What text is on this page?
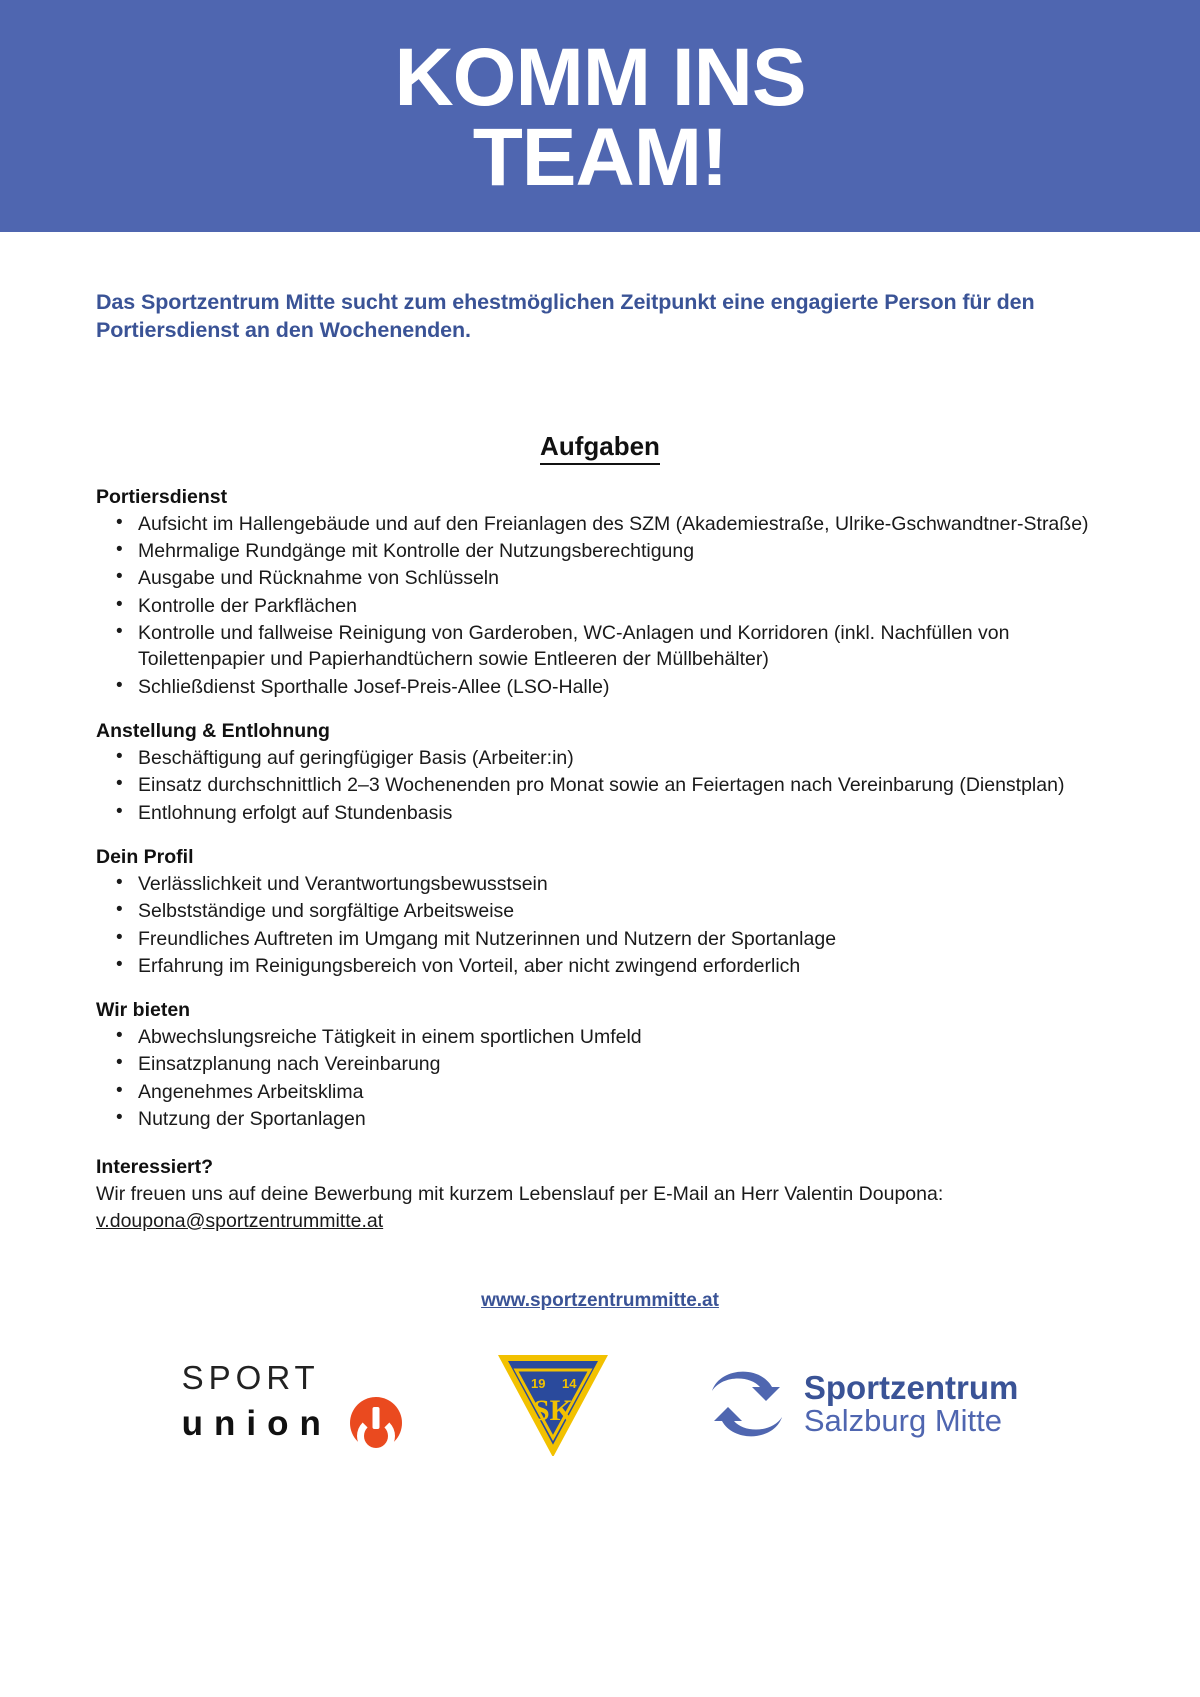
KOMM INS
TEAM!

Das Sportzentrum Mitte sucht zum ehestmöglichen Zeitpunkt eine engagierte Person für den Portiersdienst an den Wochenenden.

Aufgaben
Portiersdienst
• Aufsicht im Hallengebäude und auf den Freianlagen des SZM (Akademiestraße, Ulrike-Gschwandtner-Straße)
• Mehrmalige Rundgänge mit Kontrolle der Nutzungsberechtigung
• Ausgabe und Rücknahme von Schlüsseln
• Kontrolle der Parkflächen
• Kontrolle und fallweise Reinigung von Garderoben, WC-Anlagen und Korridoren (inkl. Nachfüllen von Toilettenpapier und Papierhandtüchern sowie Entleeren der Müllbehälter)
• Schließdienst Sporthalle Josef-Preis-Allee (LSO-Halle)
Anstellung & Entlohnung
• Beschäftigung auf geringfügiger Basis (Arbeiter:in)
• Einsatz durchschnittlich 2–3 Wochenenden pro Monat sowie an Feiertagen nach Vereinbarung (Dienstplan)
• Entlohnung erfolgt auf Stundenbasis
Dein Profil
• Verlässlichkeit und Verantwortungsbewusstsein
• Selbstständige und sorgfältige Arbeitsweise
• Freundliches Auftreten im Umgang mit Nutzerinnen und Nutzern der Sportanlage
• Erfahrung im Reinigungsbereich von Vorteil, aber nicht zwingend erforderlich
Wir bieten
• Abwechslungsreiche Tätigkeit in einem sportlichen Umfeld
• Einsatzplanung nach Vereinbarung
• Angenehmes Arbeitsklima
• Nutzung der Sportanlagen
Interessiert?
Wir freuen uns auf deine Bewerbung mit kurzem Lebenslauf per E-Mail an Herr Valentin Doupona: v.doupona@sportzentrummitte.at
www.sportzentrummitte.at
SPORT
union
19 14
SK
Sportzentrum
Salzburg Mitte
